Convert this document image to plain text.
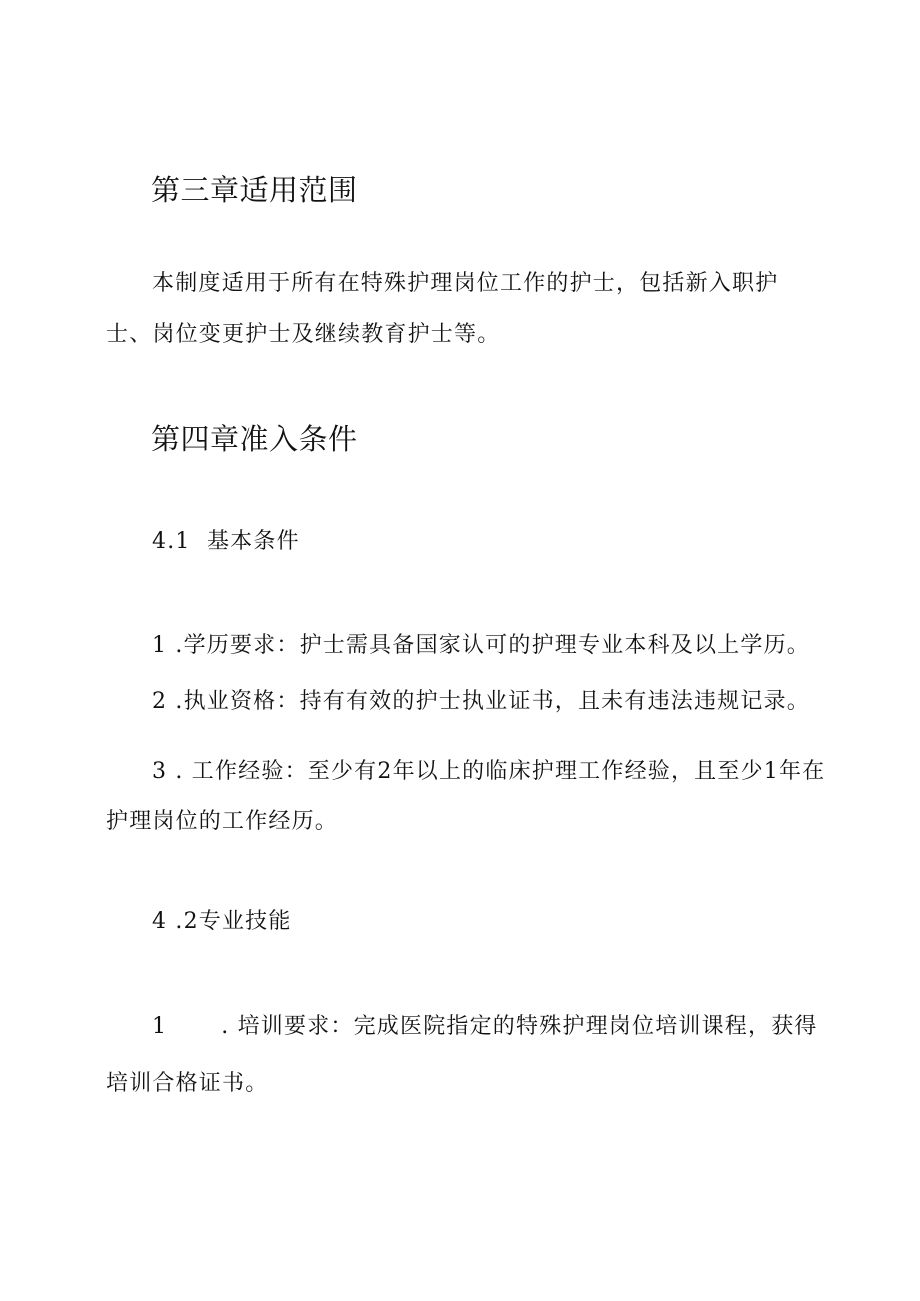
第三章适用范围
本制度适用于所有在特殊护理岗位工作的护士，包括新入职护
士、岗位变更护士及继续教育护士等。
第四章准入条件
4.1  基本条件
1 .学历要求：护士需具备国家认可的护理专业本科及以上学历。
2 .执业资格：持有有效的护士执业证书，且未有违法违规记录。
3 . 工作经验：至少有2年以上的临床护理工作经验，且至少1年在
护理岗位的工作经历。
4 .2专业技能
1 . 培训要求：完成医院指定的特殊护理岗位培训课程，获得
培训合格证书。
